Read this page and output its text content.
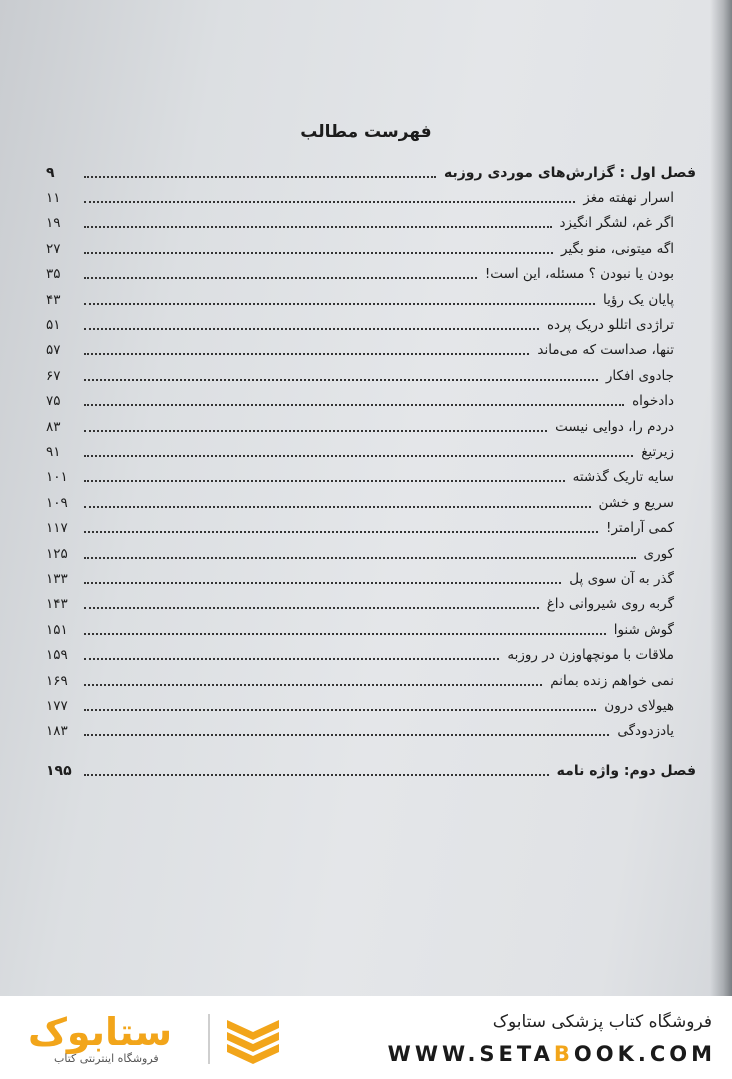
فهرست مطالب
فصل اول : گزارش‌های موردی روزبه
۹
اسرار نهفته مغز
۱۱
اگر غم، لشگر انگیزد
۱۹
اگه میتونی، منو بگیر
۲۷
بودن یا نبودن ؟ مسئله، این است!
۳۵
پایان یک رؤیا
۴۳
تراژدی اتللو دریک پرده
۵۱
تنها، صداست که می‌ماند
۵۷
جادوی افکار
۶۷
دادخواه
۷۵
دردم را، دوایی نیست
۸۳
زیرتیغ
۹۱
سایه تاریک گذشته
۱۰۱
سریع و خشن
۱۰۹
کمی آرامتر!
۱۱۷
کوری
۱۲۵
گذر به آن سوی پل
۱۳۳
گربه روی شیروانی داغ
۱۴۳
گوش شنوا
۱۵۱
ملاقات با مونچهاوزن در روزبه
۱۵۹
نمی خواهم زنده بمانم
۱۶۹
هیولای درون
۱۷۷
یادزدودگی
۱۸۳
فصل دوم: واژه نامه
۱۹۵
ستابوک
فروشگاه اینترنتی کتاب
فروشگاه کتاب پزشکی ستابوک
WWW.SETABOOK.COM
